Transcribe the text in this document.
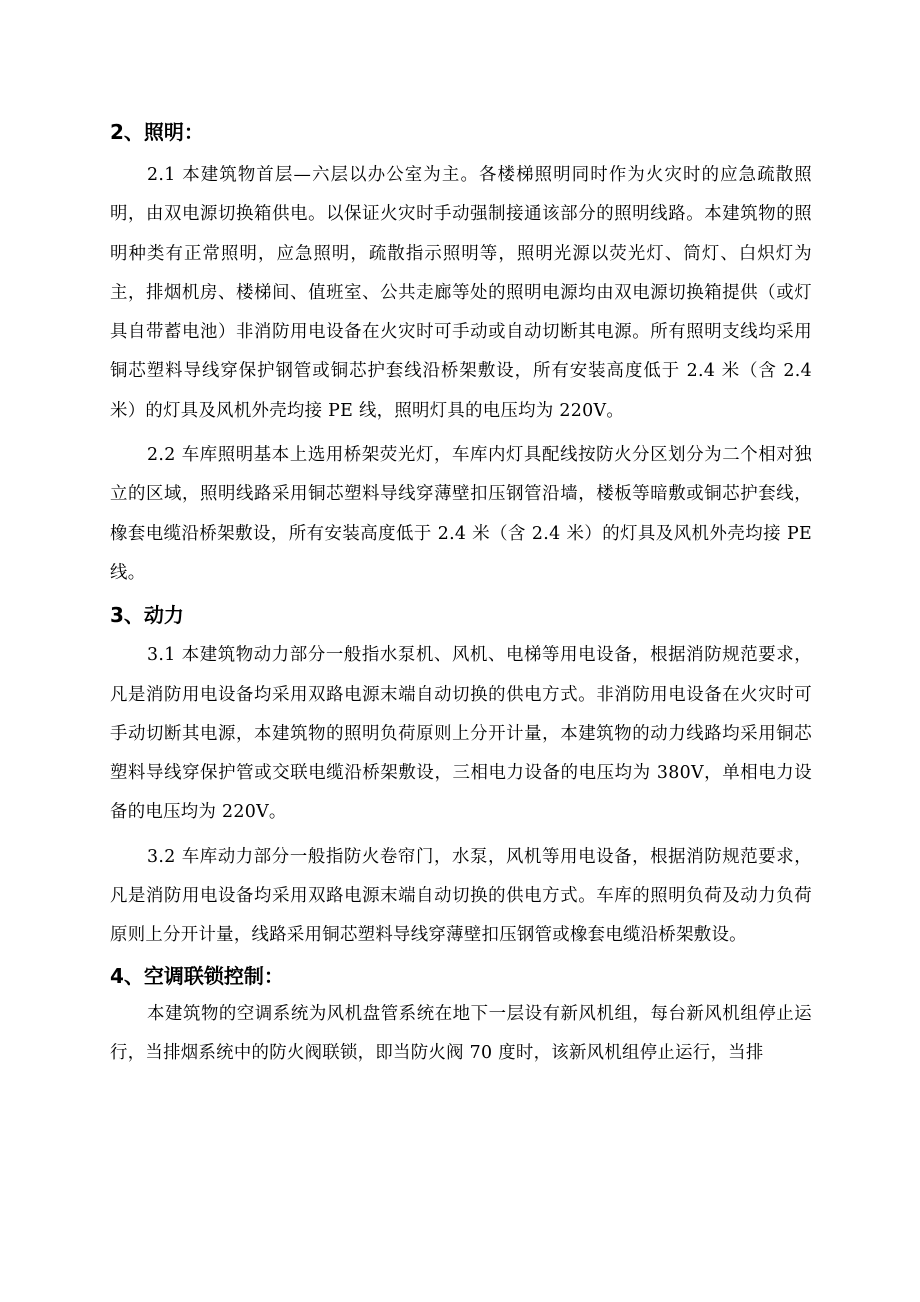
2、照明：

2.1 本建筑物首层—六层以办公室为主。各楼梯照明同时作为火灾时的应急疏散照明，由双电源切换箱供电。以保证火灾时手动强制接通该部分的照明线路。本建筑物的照明种类有正常照明，应急照明，疏散指示照明等，照明光源以荧光灯、筒灯、白炽灯为主，排烟机房、楼梯间、值班室、公共走廊等处的照明电源均由双电源切换箱提供（或灯具自带蓄电池）非消防用电设备在火灾时可手动或自动切断其电源。所有照明支线均采用铜芯塑料导线穿保护钢管或铜芯护套线沿桥架敷设，所有安装高度低于 2.4 米（含 2.4 米）的灯具及风机外壳均接 PE 线，照明灯具的电压均为 220V。

2.2 车库照明基本上选用桥架荧光灯，车库内灯具配线按防火分区划分为二个相对独立的区域，照明线路采用铜芯塑料导线穿薄壁扣压钢管沿墙，楼板等暗敷或铜芯护套线，橡套电缆沿桥架敷设，所有安装高度低于 2.4 米（含 2.4 米）的灯具及风机外壳均接 PE 线。

3、动力

3.1 本建筑物动力部分一般指水泵机、风机、电梯等用电设备，根据消防规范要求，凡是消防用电设备均采用双路电源末端自动切换的供电方式。非消防用电设备在火灾时可手动切断其电源，本建筑物的照明负荷原则上分开计量，本建筑物的动力线路均采用铜芯塑料导线穿保护管或交联电缆沿桥架敷设，三相电力设备的电压均为 380V，单相电力设备的电压均为 220V。

3.2 车库动力部分一般指防火卷帘门，水泵，风机等用电设备，根据消防规范要求，凡是消防用电设备均采用双路电源末端自动切换的供电方式。车库的照明负荷及动力负荷原则上分开计量，线路采用铜芯塑料导线穿薄壁扣压钢管或橡套电缆沿桥架敷设。

4、空调联锁控制：

本建筑物的空调系统为风机盘管系统在地下一层设有新风机组，每台新风机组停止运行，当排烟系统中的防火阀联锁，即当防火阀 70 度时，该新风机组停止运行，当排
